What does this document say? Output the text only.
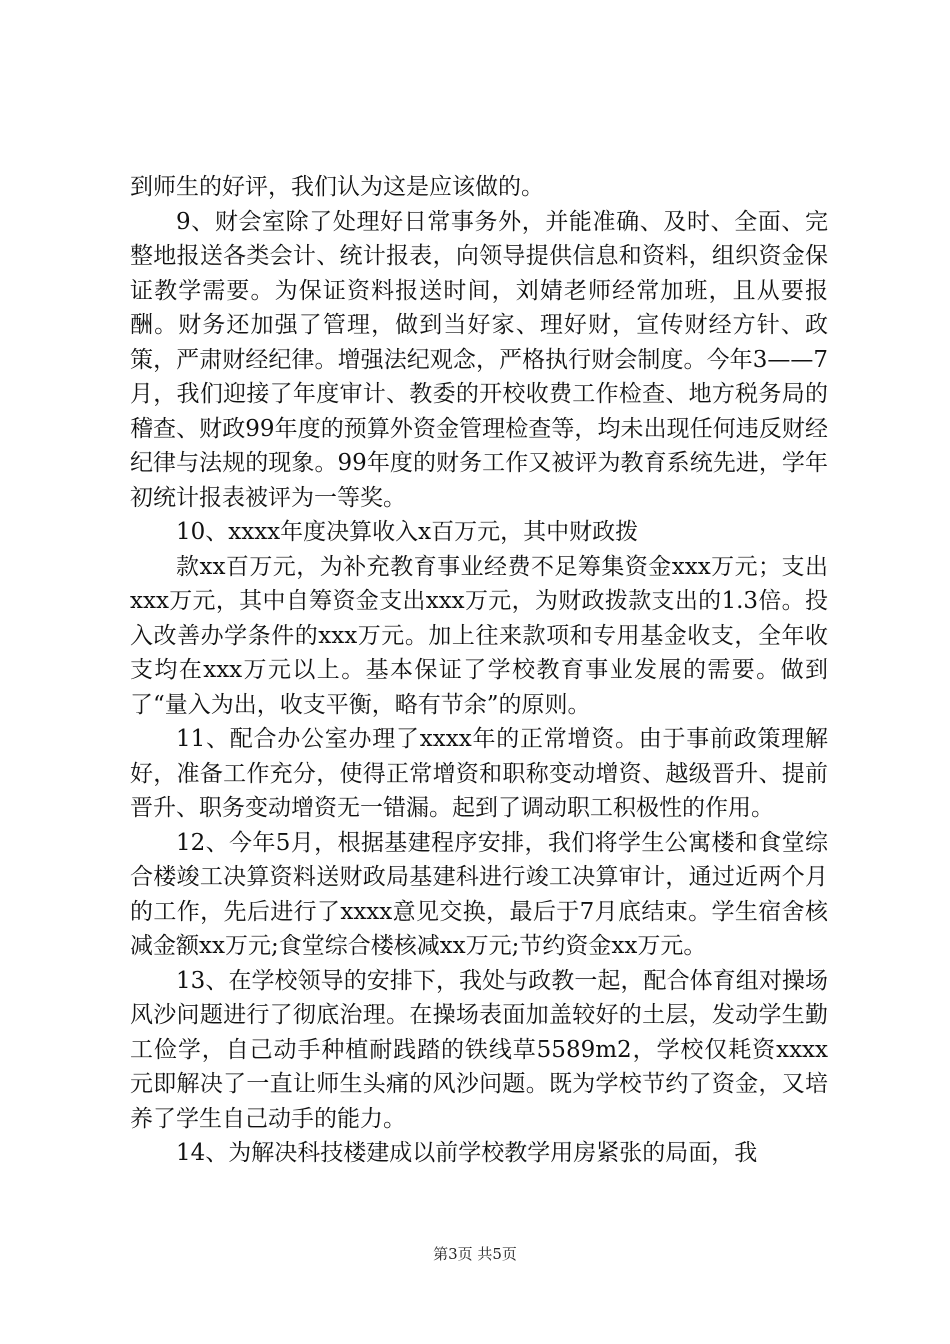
到师生的好评，我们认为这是应该做的。

9、财会室除了处理好日常事务外，并能准确、及时、全面、完整地报送各类会计、统计报表，向领导提供信息和资料，组织资金保证教学需要。为保证资料报送时间，刘婧老师经常加班，且从要报酬。财务还加强了管理，做到当好家、理好财，宣传财经方针、政策，严肃财经纪律。增强法纪观念，严格执行财会制度。今年3——7月，我们迎接了年度审计、教委的开校收费工作检查、地方税务局的稽查、财政99年度的预算外资金管理检查等，均未出现任何违反财经纪律与法规的现象。99年度的财务工作又被评为教育系统先进，学年初统计报表被评为一等奖。

10、xxxx年度决算收入x百万元，其中财政拨

款xx百万元，为补充教育事业经费不足筹集资金xxx万元；支出xxx万元，其中自筹资金支出xxx万元，为财政拨款支出的1.3倍。投入改善办学条件的xxx万元。加上往来款项和专用基金收支，全年收支均在xxx万元以上。基本保证了学校教育事业发展的需要。做到了“量入为出，收支平衡，略有节余”的原则。

11、配合办公室办理了xxxx年的正常增资。由于事前政策理解好，准备工作充分，使得正常增资和职称变动增资、越级晋升、提前晋升、职务变动增资无一错漏。起到了调动职工积极性的作用。

12、今年5月，根据基建程序安排，我们将学生公寓楼和食堂综合楼竣工决算资料送财政局基建科进行竣工决算审计，通过近两个月的工作，先后进行了xxxx意见交换，最后于7月底结束。学生宿舍核减金额xx万元;食堂综合楼核减xx万元;节约资金xx万元。

13、在学校领导的安排下，我处与政教一起，配合体育组对操场风沙问题进行了彻底治理。在操场表面加盖较好的土层，发动学生勤工俭学，自己动手种植耐践踏的铁线草5589m2，学校仅耗资xxxx元即解决了一直让师生头痛的风沙问题。既为学校节约了资金，又培养了学生自己动手的能力。

14、为解决科技楼建成以前学校教学用房紧张的局面，我

第3页 共5页
